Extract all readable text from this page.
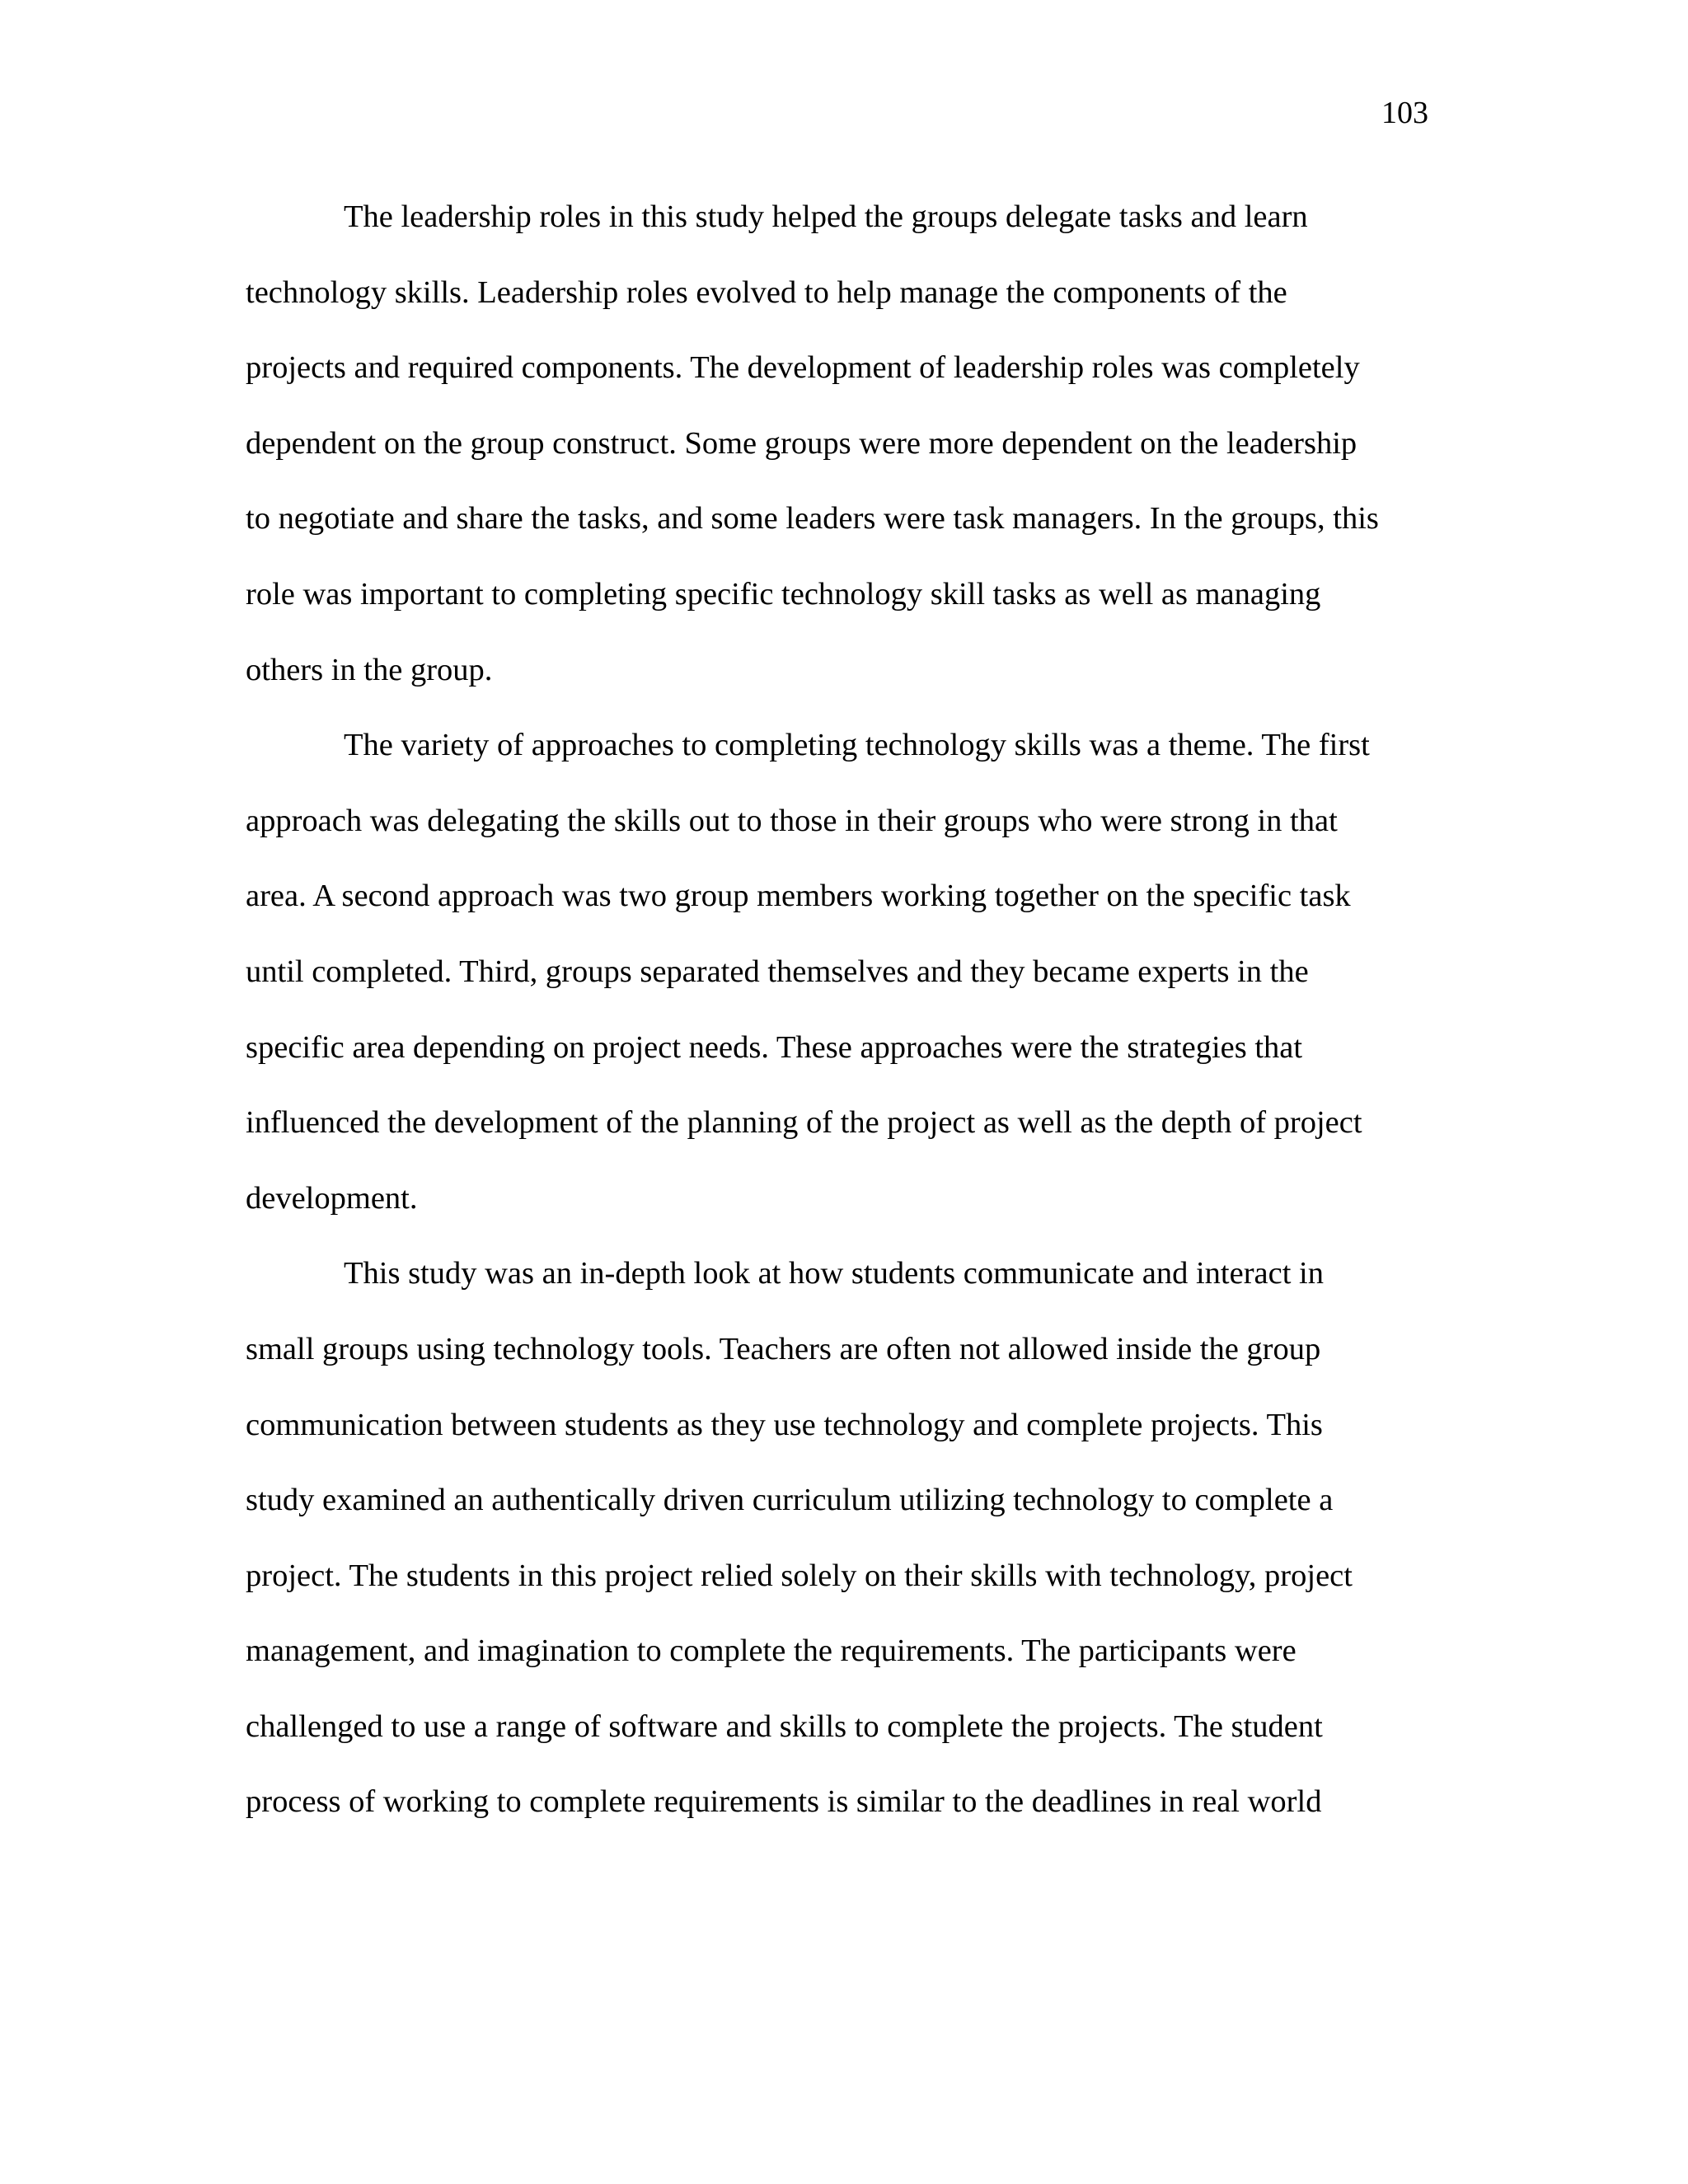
103
The leadership roles in this study helped the groups delegate tasks and learn
technology skills. Leadership roles evolved to help manage the components of the
projects and required components. The development of leadership roles was completely
dependent on the group construct. Some groups were more dependent on the leadership
to negotiate and share the tasks, and some leaders were task managers. In the groups, this
role was important to completing specific technology skill tasks as well as managing
others in the group.
The variety of approaches to completing technology skills was a theme. The first
approach was delegating the skills out to those in their groups who were strong in that
area. A second approach was two group members working together on the specific task
until completed. Third, groups separated themselves and they became experts in the
specific area depending on project needs. These approaches were the strategies that
influenced the development of the planning of the project as well as the depth of project
development.
This study was an in-depth look at how students communicate and interact in
small groups using technology tools. Teachers are often not allowed inside the group
communication between students as they use technology and complete projects. This
study examined an authentically driven curriculum utilizing technology to complete a
project. The students in this project relied solely on their skills with technology, project
management, and imagination to complete the requirements. The participants were
challenged to use a range of software and skills to complete the projects. The student
process of working to complete requirements is similar to the deadlines in real world
